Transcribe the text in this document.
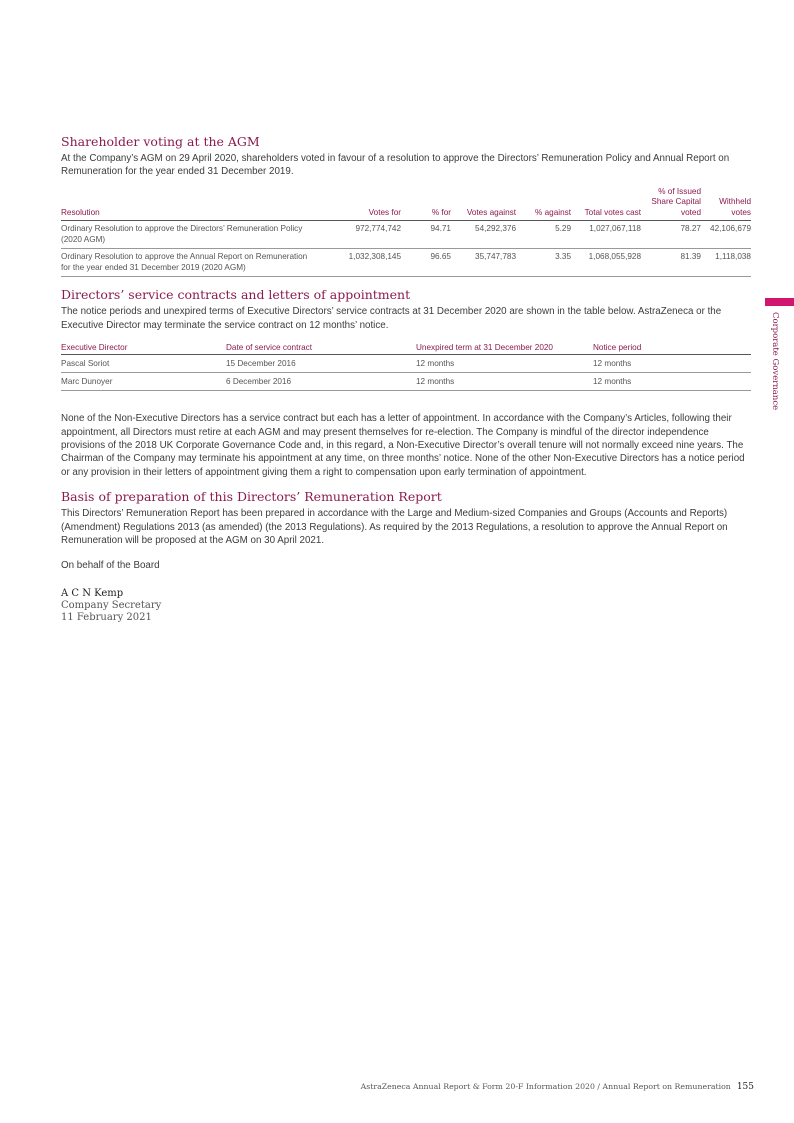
Shareholder voting at the AGM

At the Company’s AGM on 29 April 2020, shareholders voted in favour of a resolution to approve the Directors’ Remuneration Policy and Annual Report on Remuneration for the year ended 31 December 2019.

Resolution	Votes for	% for	Votes against	% against	Total votes cast	% of Issued Share Capital voted	Withheld votes
Ordinary Resolution to approve the Directors’ Remuneration Policy (2020 AGM)	972,774,742	94.71	54,292,376	5.29	1,027,067,118	78.27	42,106,679
Ordinary Resolution to approve the Annual Report on Remuneration for the year ended 31 December 2019 (2020 AGM)	1,032,308,145	96.65	35,747,783	3.35	1,068,055,928	81.39	1,118,038
Directors’ service contracts and letters of appointment

The notice periods and unexpired terms of Executive Directors’ service contracts at 31 December 2020 are shown in the table below. AstraZeneca or the Executive Director may terminate the service contract on 12 months’ notice.

Executive Director	Date of service contract	Unexpired term at 31 December 2020	Notice period
Pascal Soriot	15 December 2016	12 months	12 months
Marc Dunoyer	6 December 2016	12 months	12 months

None of the Non-Executive Directors has a service contract but each has a letter of appointment. In accordance with the Company’s Articles, following their appointment, all Directors must retire at each AGM and may present themselves for re-election. The Company is mindful of the director independence provisions of the 2018 UK Corporate Governance Code and, in this regard, a Non-Executive Director’s overall tenure will not normally exceed nine years. The Chairman of the Company may terminate his appointment at any time, on three months’ notice. None of the other Non-Executive Directors has a notice period or any provision in their letters of appointment giving them a right to compensation upon early termination of appointment.

Basis of preparation of this Directors’ Remuneration Report

This Directors’ Remuneration Report has been prepared in accordance with the Large and Medium-sized Companies and Groups (Accounts and Reports) (Amendment) Regulations 2013 (as amended) (the 2013 Regulations). As required by the 2013 Regulations, a resolution to approve the Annual Report on Remuneration will be proposed at the AGM on 30 April 2021.

On behalf of the Board

A C N Kemp
Company Secretary
11 February 2021
Corporate Governance
AstraZeneca Annual Report & Form 20-F Information 2020 / Annual Report on Remuneration 155
